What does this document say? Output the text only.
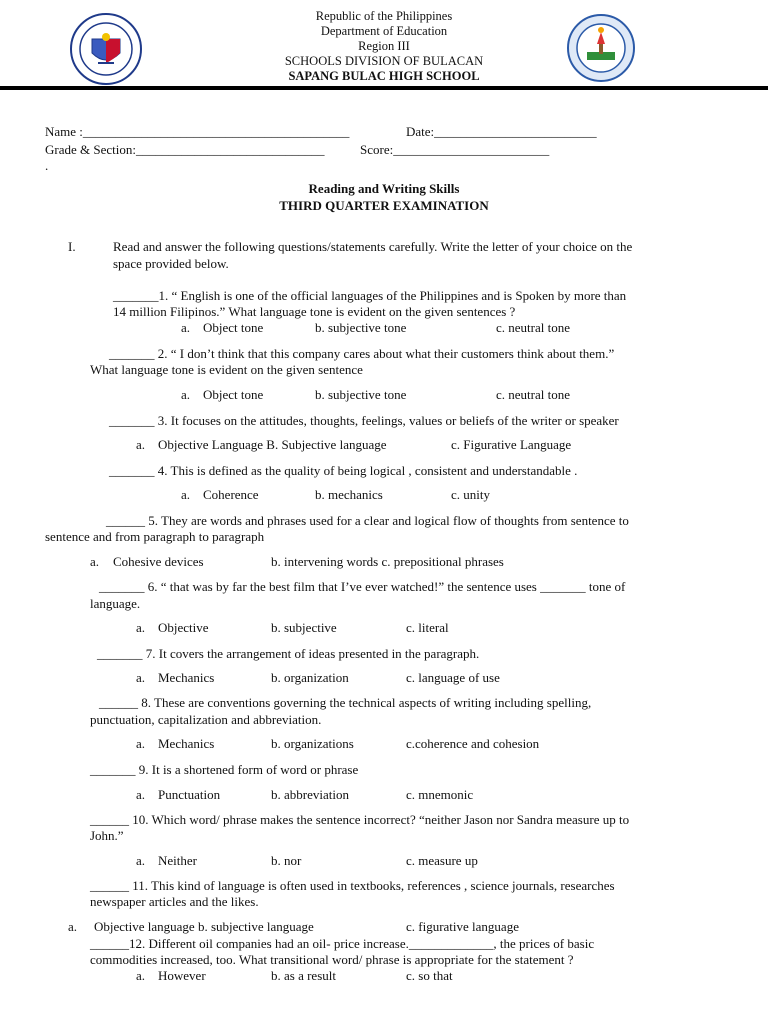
Republic of the Philippines
Department of Education
Region III
SCHOOLS DIVISION OF BULACAN
SAPANG BULAC HIGH SCHOOL
Name :_________________________________________	Date:_________________________
Grade & Section:_____________________________	Score:________________________
.
Reading and Writing Skills
THIRD QUARTER EXAMINATION
I.	Read and answer the following questions/statements carefully. Write the letter of your choice on the
space provided below.
_______1. “ English is one of the official languages of the Philippines and is Spoken by more than
14 million Filipinos.” What language tone is evident on the given sentences ?
a. Object tone	b. subjective tone	c. neutral tone
_______ 2. “ I don’t think that this company cares about what their customers think about them.”
What language tone is evident on the given sentence
a. Object tone	b. subjective tone	c. neutral tone
_______ 3. It focuses on the attitudes, thoughts, feelings, values or beliefs of the writer or speaker
a. Objective Language B. Subjective language	c. Figurative Language
_______ 4. This is defined as the quality of being logical , consistent and understandable .
a. Coherence	b. mechanics	c. unity
______ 5. They are words and phrases used for a clear and logical flow of thoughts from sentence to
sentence and from paragraph to paragraph
a. Cohesive devices	b. intervening words c. prepositional phrases
_______ 6. “ that was by far the best film that I’ve ever watched!” the sentence uses _______ tone of
language.
a. Objective	b. subjective	c. literal
_______ 7. It covers the arrangement of ideas presented in the paragraph.
a. Mechanics	b. organization	c. language of use
______ 8. These are conventions governing the technical aspects of writing including spelling,
punctuation, capitalization and abbreviation.
a. Mechanics	b. organizations	c.coherence and cohesion
_______ 9. It is a shortened form of word or phrase
a. Punctuation	b. abbreviation	c. mnemonic
______ 10. Which word/ phrase makes the sentence incorrect? “neither Jason nor Sandra measure up to
John.”
a. Neither	b. nor	c. measure up
______ 11. This kind of language is often used in textbooks, references , science journals, researches
newspaper articles and the likes.
a. Objective language b. subjective language	c. figurative language
______12. Different oil companies had an oil- price increase._____________, the prices of basic
commodities increased, too. What transitional word/ phrase is appropriate for the statement ?
a. However	b. as a result	c. so that
